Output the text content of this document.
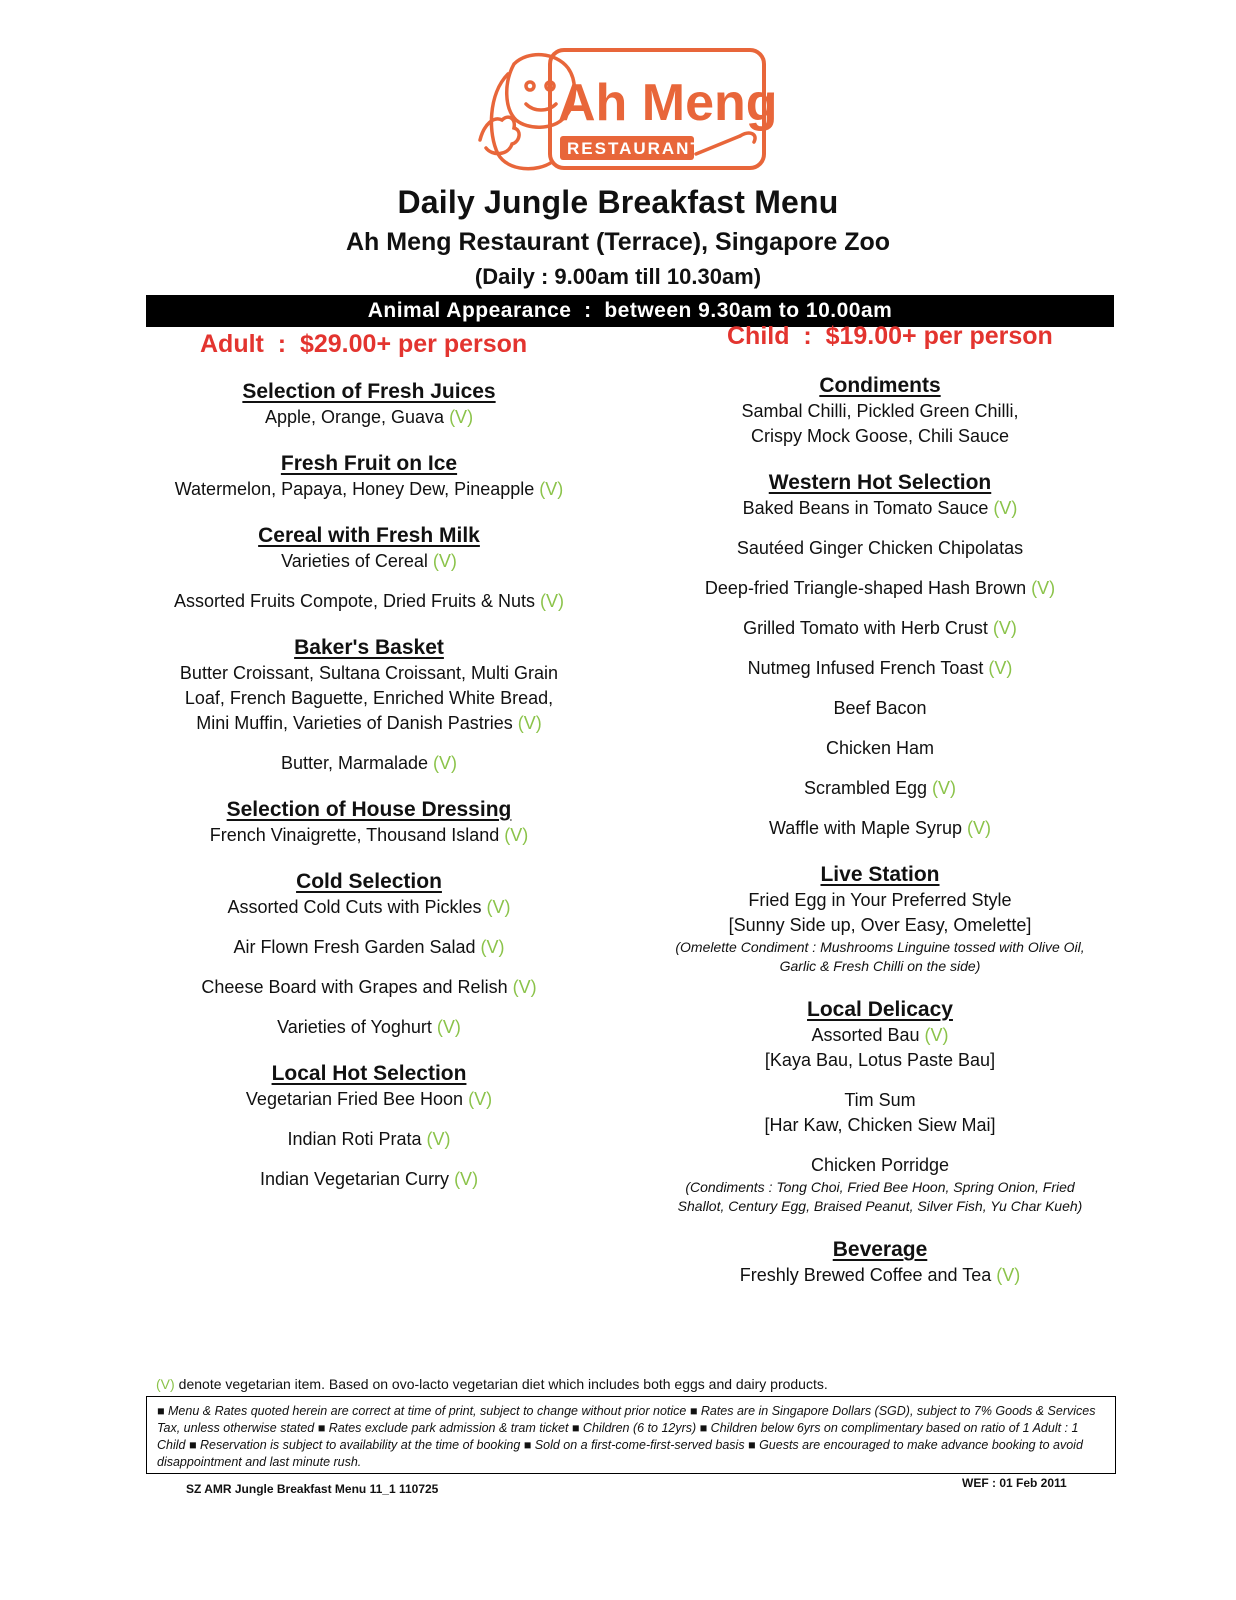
Ah Meng
RESTAURANT
Daily Jungle Breakfast Menu
Ah Meng Restaurant (Terrace), Singapore Zoo
(Daily : 9.00am till 10.30am)
Animal Appearance  :  between 9.30am to 10.00am
Adult  :  $29.00+ per person	Child  :  $19.00+ per person
Selection of Fresh Juices
Apple, Orange, Guava (V)
Fresh Fruit on Ice
Watermelon, Papaya, Honey Dew, Pineapple (V)
Cereal with Fresh Milk
Varieties of Cereal (V)
Assorted Fruits Compote, Dried Fruits & Nuts (V)
Baker's Basket
Butter Croissant, Sultana Croissant, Multi Grain
Loaf, French Baguette, Enriched White Bread,
Mini Muffin, Varieties of Danish Pastries (V)
Butter, Marmalade (V)
Selection of House Dressing
French Vinaigrette, Thousand Island (V)
Cold Selection
Assorted Cold Cuts with Pickles (V)
Air Flown Fresh Garden Salad (V)
Cheese Board with Grapes and Relish (V)
Varieties of Yoghurt (V)
Local Hot Selection
Vegetarian Fried Bee Hoon (V)
Indian Roti Prata (V)
Indian Vegetarian Curry (V)
Condiments
Sambal Chilli, Pickled Green Chilli,
Crispy Mock Goose, Chili Sauce
Western Hot Selection
Baked Beans in Tomato Sauce (V)
Sautéed Ginger Chicken Chipolatas
Deep-fried Triangle-shaped Hash Brown (V)
Grilled Tomato with Herb Crust (V)
Nutmeg Infused French Toast (V)
Beef Bacon
Chicken Ham
Scrambled Egg (V)
Waffle with Maple Syrup (V)
Live Station
Fried Egg in Your Preferred Style
[Sunny Side up, Over Easy, Omelette]
(Omelette Condiment : Mushrooms Linguine tossed with Olive Oil,
Garlic & Fresh Chilli on the side)
Local Delicacy
Assorted Bau (V)
[Kaya Bau, Lotus Paste Bau]
Tim Sum
[Har Kaw, Chicken Siew Mai]
Chicken Porridge
(Condiments : Tong Choi, Fried Bee Hoon, Spring Onion, Fried
Shallot, Century Egg, Braised Peanut, Silver Fish, Yu Char Kueh)
Beverage
Freshly Brewed Coffee and Tea (V)
(V) denote vegetarian item. Based on ovo-lacto vegetarian diet which includes both eggs and dairy products.
■ Menu & Rates quoted herein are correct at time of print, subject to change without prior notice ■ Rates are in Singapore Dollars (SGD), subject to 7% Goods & Services Tax, unless otherwise stated ■ Rates exclude park admission & tram ticket ■ Children (6 to 12yrs) ■ Children below 6yrs on complimentary based on ratio of 1 Adult : 1 Child ■ Reservation is subject to availability at the time of booking ■ Sold on a first-come-first-served basis ■ Guests are encouraged to make advance booking to avoid disappointment and last minute rush.
SZ AMR Jungle Breakfast Menu 11_1 110725	WEF : 01 Feb 2011
